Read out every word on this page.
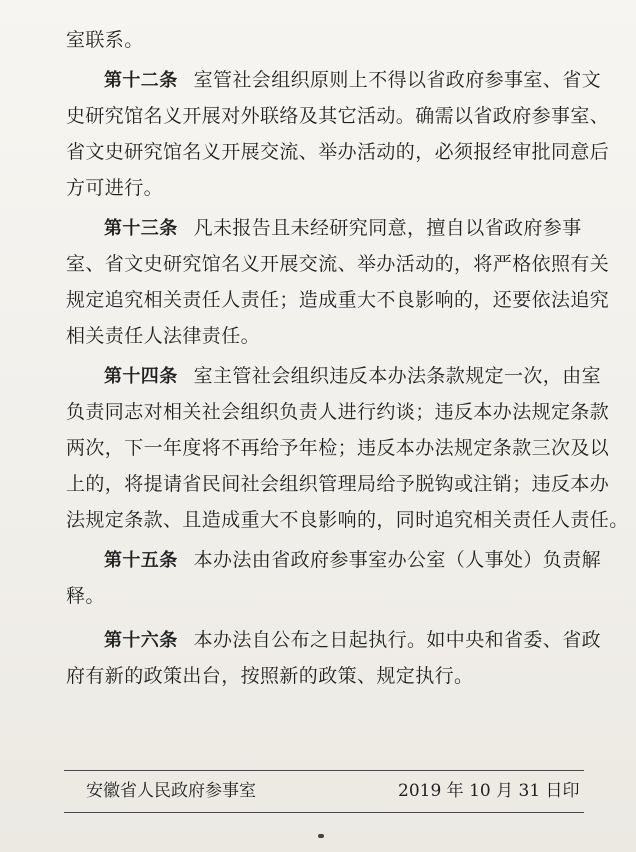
室联系。
第十二条 室管社会组织原则上不得以省政府参事室、省文
史研究馆名义开展对外联络及其它活动。确需以省政府参事室、
省文史研究馆名义开展交流、举办活动的，必须报经审批同意后
方可进行。
第十三条 凡未报告且未经研究同意，擅自以省政府参事
室、省文史研究馆名义开展交流、举办活动的，将严格依照有关
规定追究相关责任人责任；造成重大不良影响的，还要依法追究
相关责任人法律责任。
第十四条 室主管社会组织违反本办法条款规定一次，由室
负责同志对相关社会组织负责人进行约谈；违反本办法规定条款
两次，下一年度将不再给予年检；违反本办法规定条款三次及以
上的，将提请省民间社会组织管理局给予脱钩或注销；违反本办
法规定条款、且造成重大不良影响的，同时追究相关责任人责任。
第十五条 本办法由省政府参事室办公室（人事处）负责解
释。
第十六条 本办法自公布之日起执行。如中央和省委、省政
府有新的政策出台，按照新的政策、规定执行。
安徽省人民政府参事室	2019 年 10 月 31 日印
